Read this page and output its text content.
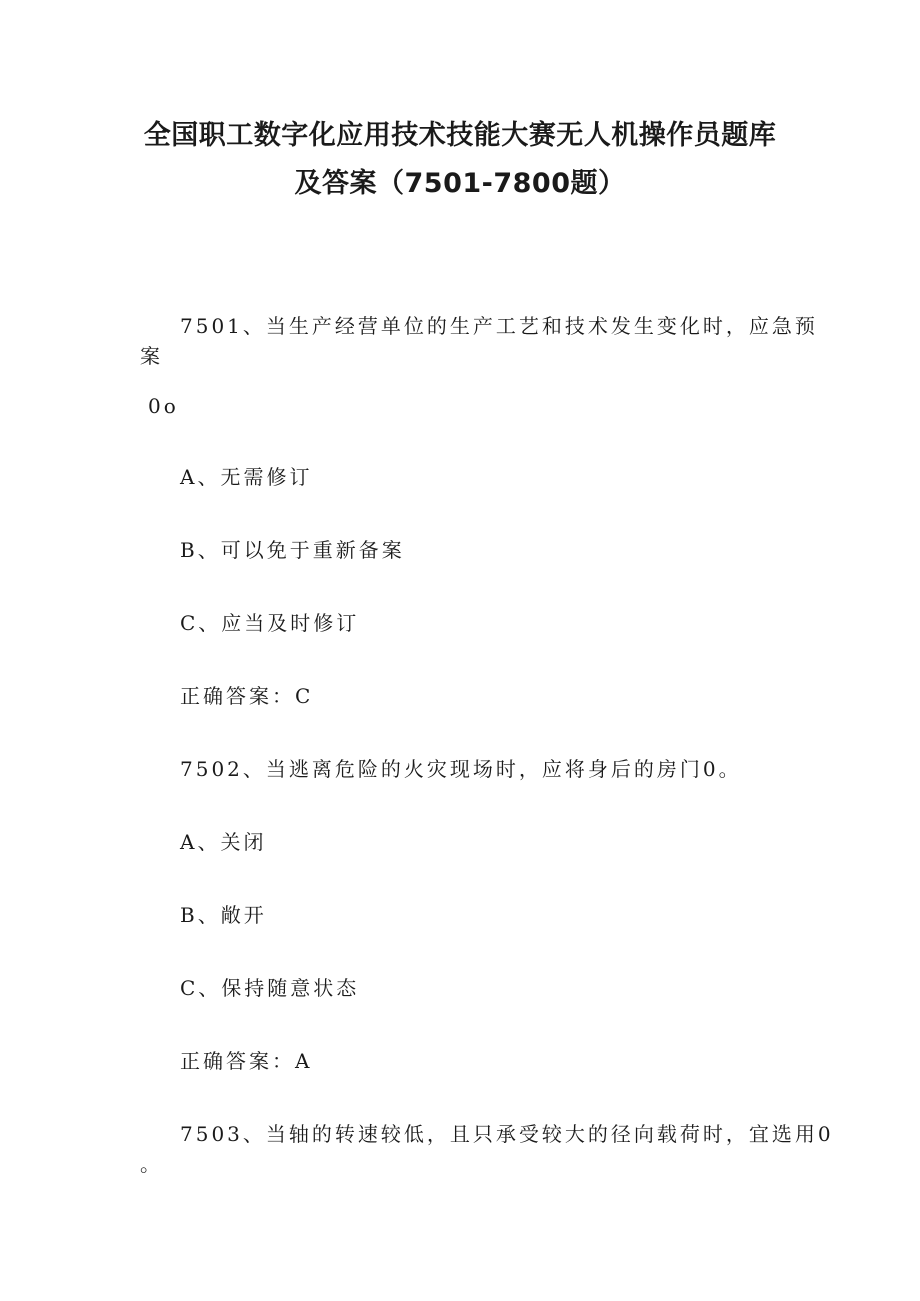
全国职工数字化应用技术技能大赛无人机操作员题库
及答案（7501-7800题）

7501、当生产经营单位的生产工艺和技术发生变化时，应急预

案

0o

A、无需修订

B、可以免于重新备案

C、应当及时修订

正确答案：C

7502、当逃离危险的火灾现场时，应将身后的房门0。

A、关闭

B、敞开

C、保持随意状态

正确答案：A

7503、当轴的转速较低，且只承受较大的径向载荷时，宜选用0

。
